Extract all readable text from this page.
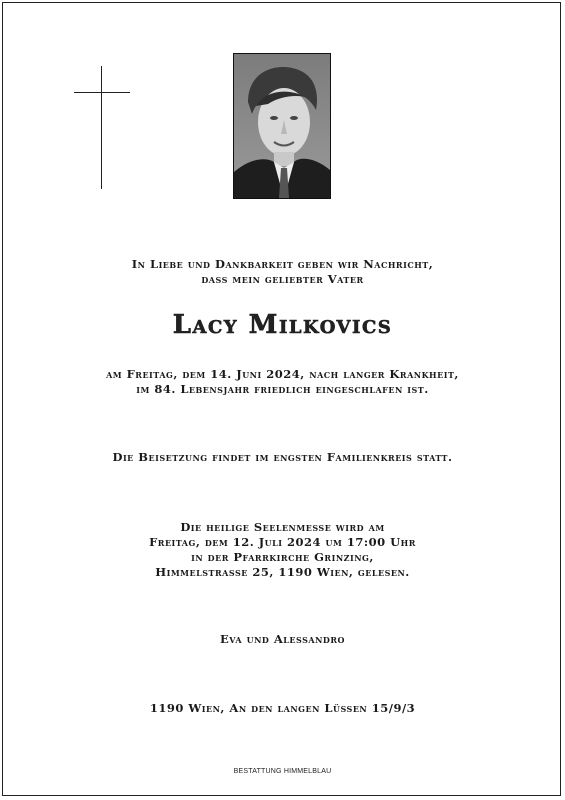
In Liebe und Dankbarkeit geben wir Nachricht,
dass mein geliebter Vater
Lacy Milkovics
am Freitag, dem 14. Juni 2024, nach langer Krankheit,
im 84. Lebensjahr friedlich eingeschlafen ist.
Die Beisetzung findet im engsten Familienkreis statt.
Die heilige Seelenmesse wird am
Freitag, dem 12. Juli 2024 um 17:00 Uhr
in der Pfarrkirche Grinzing,
Himmelstrasse 25, 1190 Wien, gelesen.
Eva und Alessandro
1190 Wien, An den langen Lüssen 15/9/3
BESTATTUNG HIMMELBLAU
